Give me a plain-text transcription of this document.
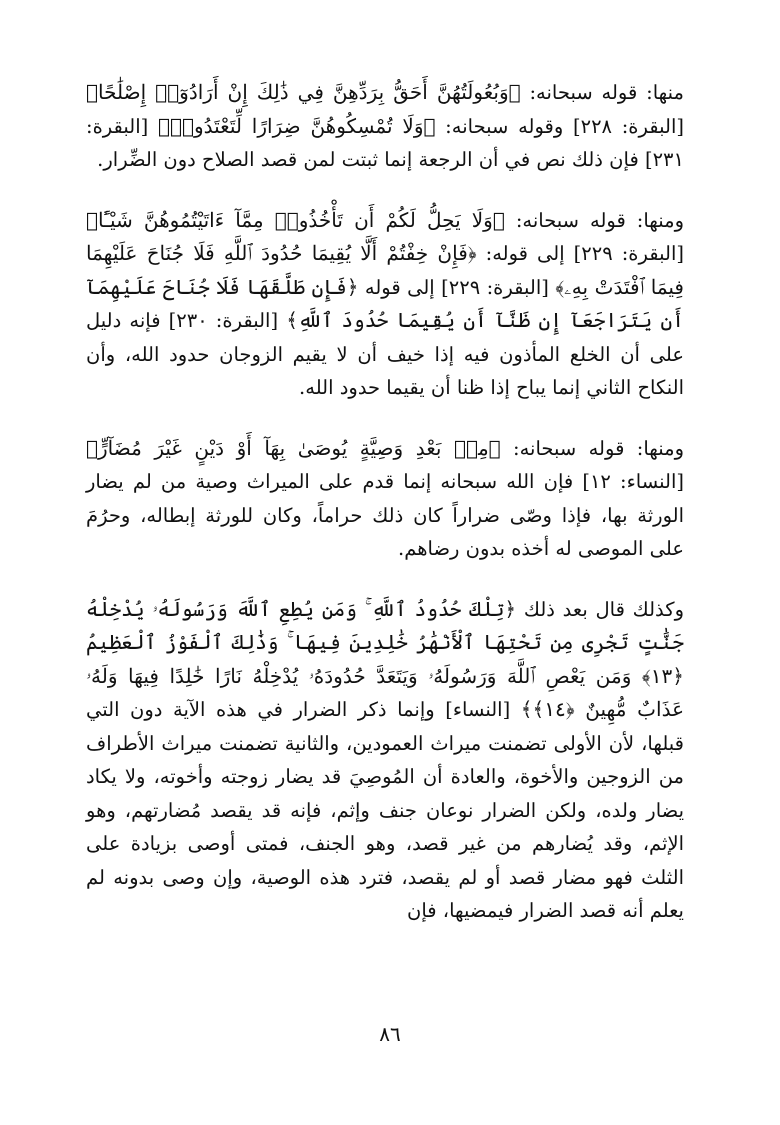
منها: قوله سبحانه: ﴿وَبُعُولَتُهُنَّ أَحَقُّ بِرَدِّهِنَّ فِي ذَٰلِكَ إِنْ أَرَادُوٓا۟ إِصْلَٰحًا﴾ [البقرة: ٢٢٨] وقوله سبحانه: ﴿وَلَا تُمْسِكُوهُنَّ ضِرَارًا لِّتَعْتَدُوا۟﴾ [البقرة: ٢٣١] فإن ذلك نص في أن الرجعة إنما ثبتت لمن قصد الصلاح دون الضِّرار.

ومنها: قوله سبحانه: ﴿وَلَا يَحِلُّ لَكُمْ أَن تَأْخُذُوا۟ مِمَّآ ءَاتَيْتُمُوهُنَّ شَيْـًٔا﴾ [البقرة: ٢٢٩] إلى قوله: ﴿فَإِنْ خِفْتُمْ أَلَّا يُقِيمَا حُدُودَ ٱللَّهِ فَلَا جُنَاحَ عَلَيْهِمَا فِيمَا ٱفْتَدَتْ بِهِۦ﴾ [البقرة: ٢٢٩] إلى قوله ﴿فَإِن طَلَّقَهَا فَلَا جُنَاحَ عَلَيْهِمَآ أَن يَتَرَاجَعَآ إِن ظَنَّآ أَن يُقِيمَا حُدُودَ ٱللَّهِ﴾ [البقرة: ٢٣٠] فإنه دليل على أن الخلع المأذون فيه إذا خيف أن لا يقيم الزوجان حدود الله، وأن النكاح الثاني إنما يباح إذا ظنا أن يقيما حدود الله.

ومنها: قوله سبحانه: ﴿مِنۢ بَعْدِ وَصِيَّةٍ يُوصَىٰ بِهَآ أَوْ دَيْنٍ غَيْرَ مُضَآرٍّ﴾ [النساء: ١٢] فإن الله سبحانه إنما قدم على الميراث وصية من لم يضار الورثة بها، فإذا وصّى ضراراً كان ذلك حراماً، وكان للورثة إبطاله، وحرُمَ على الموصى له أخذه بدون رضاهم.

وكذلك قال بعد ذلك ﴿تِلْكَ حُدُودُ ٱللَّهِ ۚ وَمَن يُطِعِ ٱللَّهَ وَرَسُولَهُۥ يُدْخِلْهُ جَنَّٰتٍ تَجْرِى مِن تَحْتِهَا ٱلْأَنْهَٰرُ خَٰلِدِينَ فِيهَا ۚ وَذَٰلِكَ ٱلْفَوْزُ ٱلْعَظِيمُ ﴿١٣﴾ وَمَن يَعْصِ ٱللَّهَ وَرَسُولَهُۥ وَيَتَعَدَّ حُدُودَهُۥ يُدْخِلْهُ نَارًا خَٰلِدًا فِيهَا وَلَهُۥ عَذَابٌ مُّهِينٌ ﴿١٤﴾﴾ [النساء] وإنما ذكر الضرار في هذه الآية دون التي قبلها، لأن الأولى تضمنت ميراث العمودين، والثانية تضمنت ميراث الأطراف من الزوجين والأخوة، والعادة أن المُوصِيَ قد يضار زوجته وأخوته، ولا يكاد يضار ولده، ولكن الضرار نوعان جنف وإثم، فإنه قد يقصد مُضارتهم، وهو الإثم، وقد يُضارهم من غير قصد، وهو الجنف، فمتى أوصى بزيادة على الثلث فهو مضار قصد أو لم يقصد، فترد هذه الوصية، وإن وصى بدونه لم يعلم أنه قصد الضرار فيمضيها، فإن

٨٦
